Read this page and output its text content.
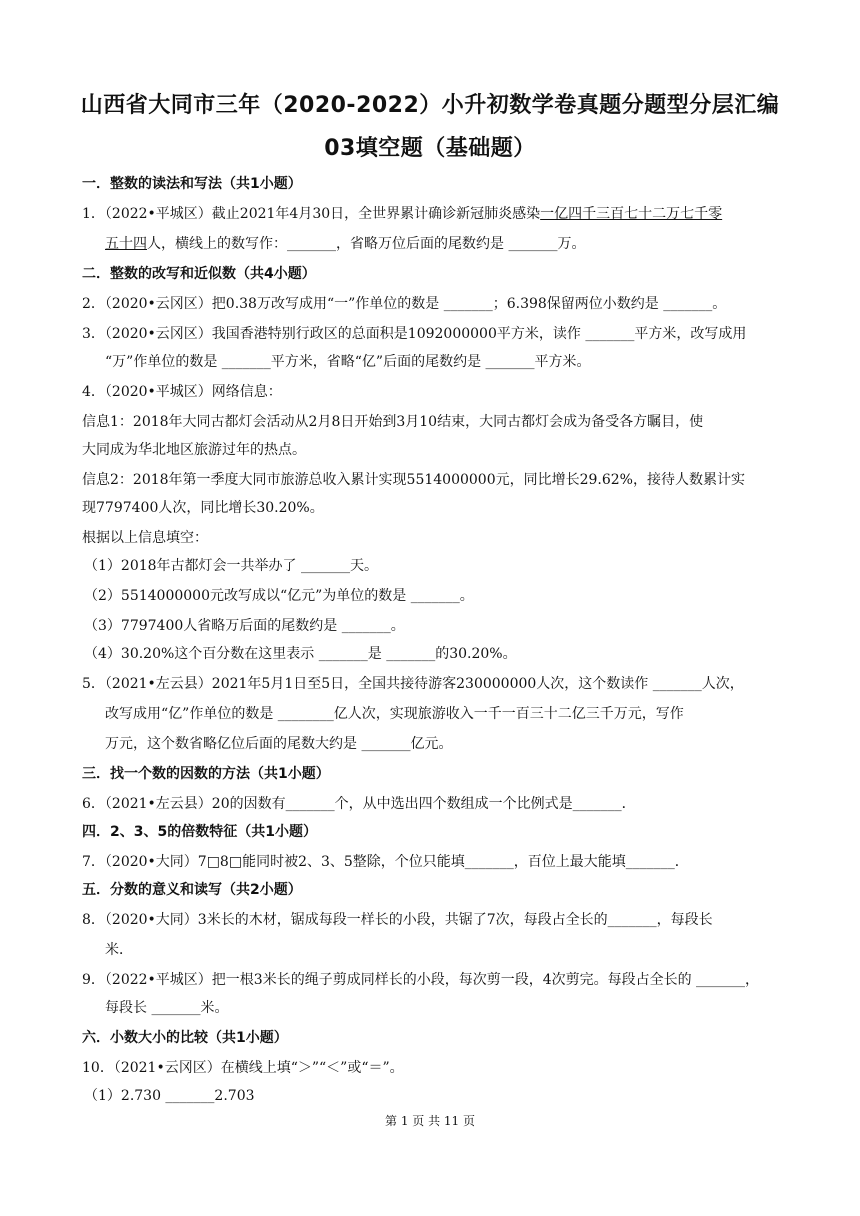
山西省大同市三年（2020-2022）小升初数学卷真题分题型分层汇编
03填空题（基础题）
一．整数的读法和写法（共1小题）
1．（2022•平城区）截止2021年4月30日，全世界累计确诊新冠肺炎感染一亿四千三百七十二万七千零
五十四人，横线上的数写作：_______，省略万位后面的尾数约是 _______万。
二．整数的改写和近似数（共4小题）
2．（2020•云冈区）把0.38万改写成用“一”作单位的数是 _______；6.398保留两位小数约是 _______。
3．（2020•云冈区）我国香港特别行政区的总面积是1092000000平方米，读作 _______平方米，改写成用
“万”作单位的数是 _______平方米，省略“亿”后面的尾数约是 _______平方米。
4．（2020•平城区）网络信息：
信息1：2018年大同古都灯会活动从2月8日开始到3月10结束，大同古都灯会成为备受各方瞩目，使
大同成为华北地区旅游过年的热点。
信息2：2018年第一季度大同市旅游总收入累计实现5514000000元，同比增长29.62%，接待人数累计实
现7797400人次，同比增长30.20%。
根据以上信息填空：
（1）2018年古都灯会一共举办了 _______天。
（2）5514000000元改写成以“亿元”为单位的数是 _______。
（3）7797400人省略万后面的尾数约是 _______。
（4）30.20%这个百分数在这里表示 _______是 _______的30.20%。
5．（2021•左云县）2021年5月1日至5日，全国共接待游客230000000人次，这个数读作 _______人次，
改写成用“亿”作单位的数是 ________亿人次，实现旅游收入一千一百三十二亿三千万元，写作
万元，这个数省略亿位后面的尾数大约是 _______亿元。
三．找一个数的因数的方法（共1小题）
6．（2021•左云县）20的因数有_______个，从中选出四个数组成一个比例式是_______．
四．2、3、5的倍数特征（共1小题）
7．（2020•大同）7□8□能同时被2、3、5整除，个位只能填_______，百位上最大能填_______．
五．分数的意义和读写（共2小题）
8．（2020•大同）3米长的木材，锯成每段一样长的小段，共锯了7次，每段占全长的_______，每段长
米．
9．（2022•平城区）把一根3米长的绳子剪成同样长的小段，每次剪一段，4次剪完。每段占全长的 _______，
每段长 _______米。
六．小数大小的比较（共1小题）
10．（2021•云冈区）在横线上填“＞”“＜”或“＝”。
（1）2.730 _______2.703
第 1 页 共 11 页
